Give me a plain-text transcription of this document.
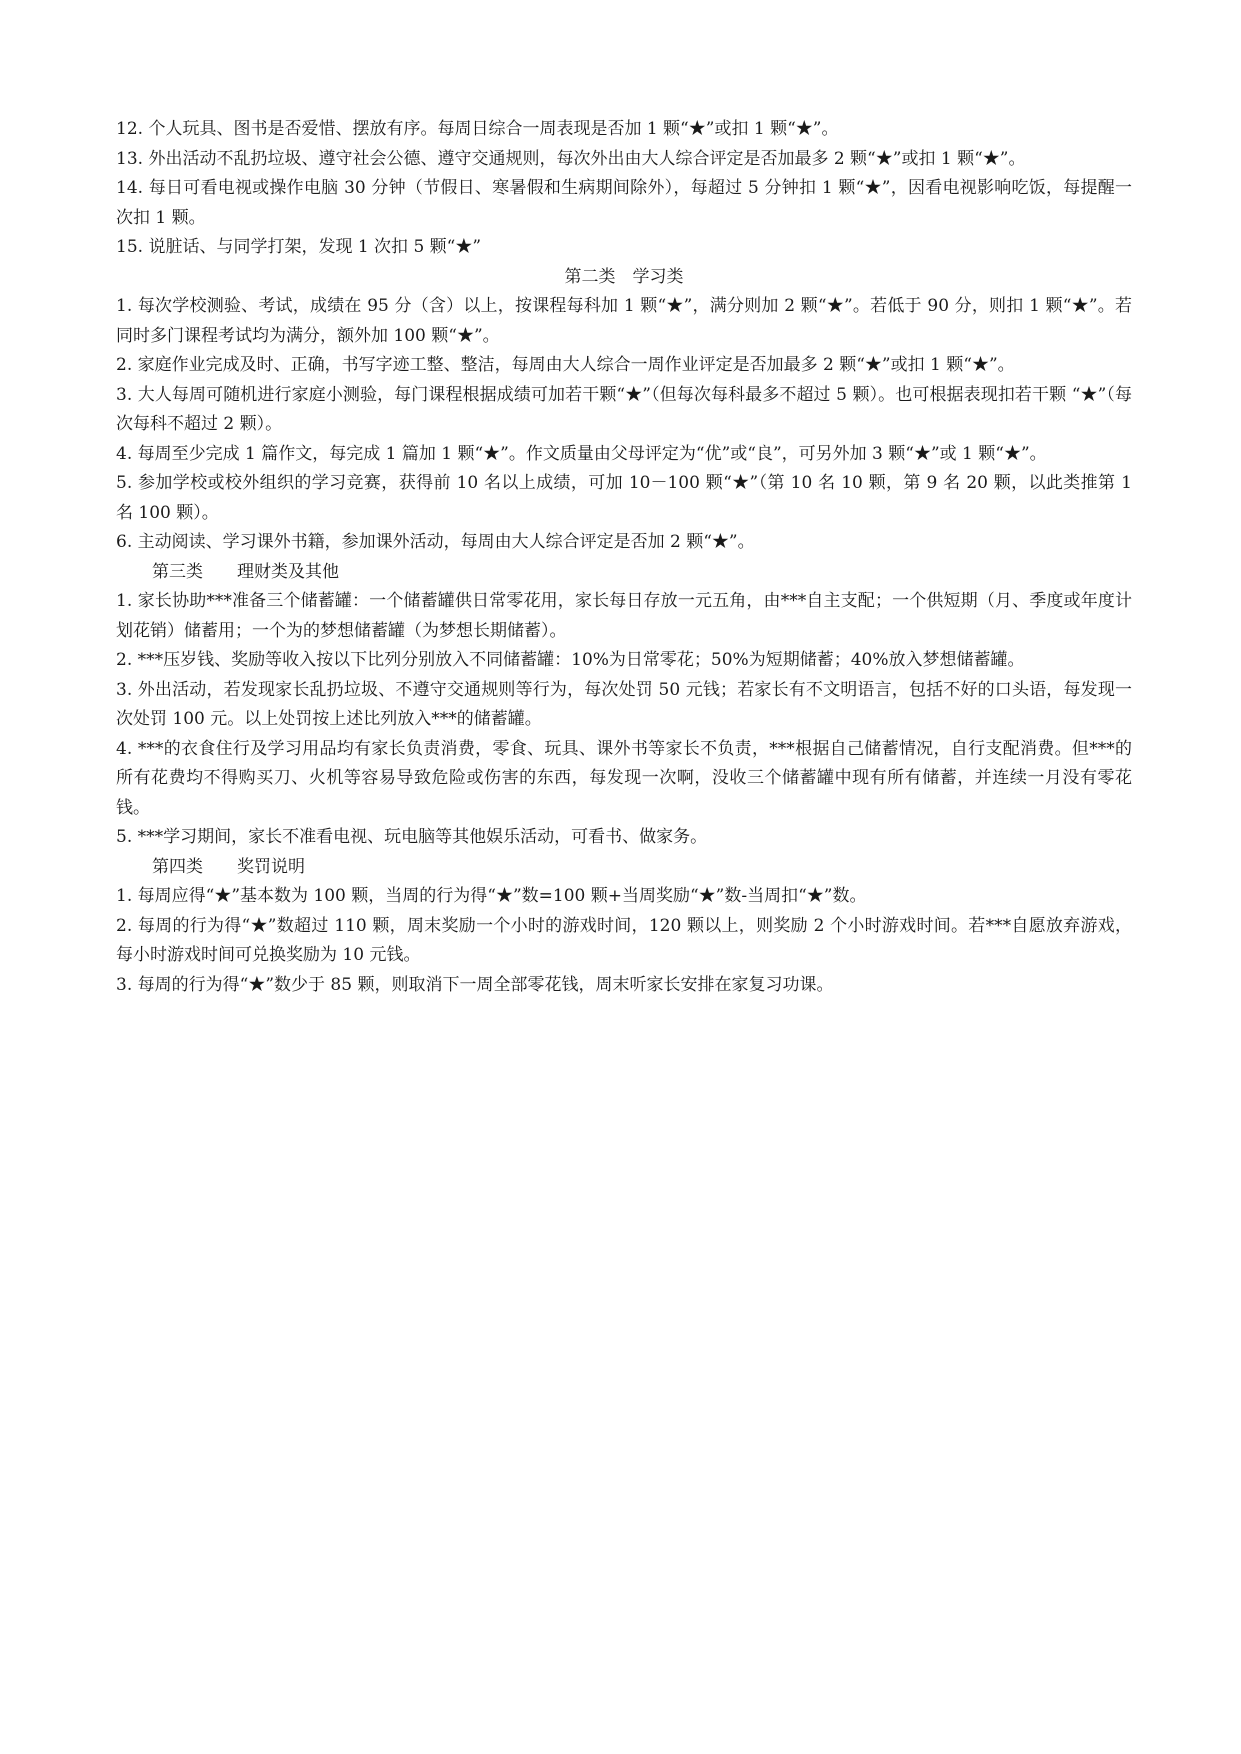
12. 个人玩具、图书是否爱惜、摆放有序。每周日综合一周表现是否加 1 颗“★”或扣 1 颗“★”。

13. 外出活动不乱扔垃圾、遵守社会公德、遵守交通规则，每次外出由大人综合评定是否加最多 2 颗“★”或扣 1 颗“★”。

14. 每日可看电视或操作电脑 30 分钟（节假日、寒暑假和生病期间除外），每超过 5 分钟扣 1 颗“★”，因看电视影响吃饭，每提醒一次扣 1 颗。

15. 说脏话、与同学打架，发现 1 次扣 5 颗“★”

第二类　学习类

1. 每次学校测验、考试，成绩在 95 分（含）以上，按课程每科加 1 颗“★”，满分则加 2 颗“★”。若低于 90 分，则扣 1 颗“★”。若同时多门课程考试均为满分，额外加 100 颗“★”。

2. 家庭作业完成及时、正确，书写字迹工整、整洁，每周由大人综合一周作业评定是否加最多 2 颗“★”或扣 1 颗“★”。

3. 大人每周可随机进行家庭小测验，每门课程根据成绩可加若干颗“★”（但每次每科最多不超过 5 颗）。也可根据表现扣若干颗 “★”（每次每科不超过 2 颗）。

4. 每周至少完成 1 篇作文，每完成 1 篇加 1 颗“★”。作文质量由父母评定为“优”或“良”，可另外加 3 颗“★”或 1 颗“★”。

5. 参加学校或校外组织的学习竞赛，获得前 10 名以上成绩，可加 10－100 颗“★”（第 10 名 10 颗，第 9 名 20 颗，以此类推第 1 名 100 颗）。

6. 主动阅读、学习课外书籍，参加课外活动，每周由大人综合评定是否加 2 颗“★”。

第三类　　理财类及其他

1. 家长协助***准备三个储蓄罐：一个储蓄罐供日常零花用，家长每日存放一元五角，由***自主支配；一个供短期（月、季度或年度计划花销）储蓄用；一个为的梦想储蓄罐（为梦想长期储蓄）。

2. ***压岁钱、奖励等收入按以下比列分别放入不同储蓄罐：10%为日常零花；50%为短期储蓄；40%放入梦想储蓄罐。

3. 外出活动，若发现家长乱扔垃圾、不遵守交通规则等行为，每次处罚 50 元钱；若家长有不文明语言，包括不好的口头语，每发现一次处罚 100 元。以上处罚按上述比列放入***的储蓄罐。

4. ***的衣食住行及学习用品均有家长负责消费，零食、玩具、课外书等家长不负责，***根据自己储蓄情况，自行支配消费。但***的所有花费均不得购买刀、火机等容易导致危险或伤害的东西，每发现一次啊，没收三个储蓄罐中现有所有储蓄，并连续一月没有零花钱。

5. ***学习期间，家长不准看电视、玩电脑等其他娱乐活动，可看书、做家务。

第四类　　奖罚说明

1. 每周应得“★”基本数为 100 颗，当周的行为得“★”数=100 颗+当周奖励“★”数-当周扣“★”数。

2. 每周的行为得“★”数超过 110 颗，周末奖励一个小时的游戏时间，120 颗以上，则奖励 2 个小时游戏时间。若***自愿放弃游戏，每小时游戏时间可兑换奖励为 10 元钱。

3. 每周的行为得“★”数少于 85 颗，则取消下一周全部零花钱，周末听家长安排在家复习功课。
